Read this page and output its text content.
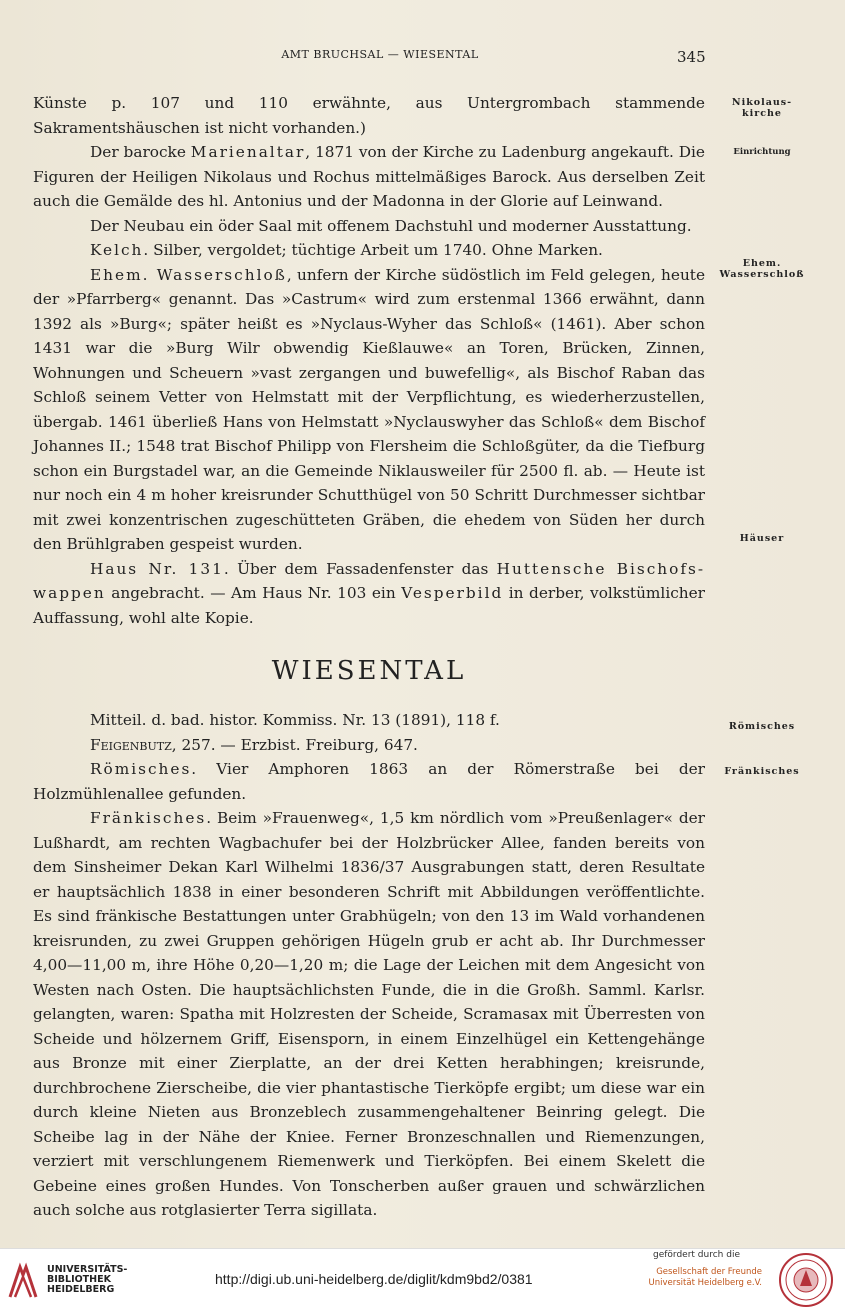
AMT BRUCHSAL — WIESENTAL	345
Nikolaus-
kirche
Einrichtung
Ehem.
Wasserschloß
Häuser
Römisches
Fränkisches

Künste p. 107 und 110 erwähnte, aus Untergrombach stammende Sakramentshäuschen ist nicht vorhanden.)

Der barocke Marienaltar, 1871 von der Kirche zu Ladenburg angekauft. Die Figuren der Heiligen Nikolaus und Rochus mittelmäßiges Barock. Aus derselben Zeit auch die Gemälde des hl. Antonius und der Madonna in der Glorie auf Leinwand.

Der Neubau ein öder Saal mit offenem Dachstuhl und moderner Ausstattung.

Kelch. Silber, vergoldet; tüchtige Arbeit um 1740. Ohne Marken.

Ehem. Wasserschloß, unfern der Kirche südöstlich im Feld gelegen, heute der »Pfarrberg« genannt. Das »Castrum« wird zum erstenmal 1366 erwähnt, dann 1392 als »Burg«; später heißt es »Nyclaus-Wyher das Schloß« (1461). Aber schon 1431 war die »Burg Wilr obwendig Kießlauwe« an Toren, Brücken, Zinnen, Wohnungen und Scheuern »vast zergangen und buwefellig«, als Bischof Raban das Schloß seinem Vetter von Helmstatt mit der Verpflichtung, es wiederherzustellen, übergab. 1461 überließ Hans von Helmstatt »Nyclauswyher das Schloß« dem Bischof Johannes II.; 1548 trat Bischof Philipp von Flersheim die Schloßgüter, da die Tiefburg schon ein Burgstadel war, an die Gemeinde Niklausweiler für 2500 fl. ab. — Heute ist nur noch ein 4 m hoher kreisrunder Schutthügel von 50 Schritt Durchmesser sichtbar mit zwei konzentrischen zugeschütteten Gräben, die ehedem von Süden her durch den Brühlgraben gespeist wurden.

Haus Nr. 131. Über dem Fassadenfenster das Huttensche Bischofs-wappen angebracht. — Am Haus Nr. 103 ein Vesperbild in derber, volkstümlicher Auffassung, wohl alte Kopie.

WIESENTAL

Mitteil. d. bad. histor. Kommiss. Nr. 13 (1891), 118 f.

Feigenbutz, 257. — Erzbist. Freiburg, 647.

Römisches. Vier Amphoren 1863 an der Römerstraße bei der Holzmühlenallee gefunden.

Fränkisches. Beim »Frauenweg«, 1,5 km nördlich vom »Preußenlager« der Lußhardt, am rechten Wagbachufer bei der Holzbrücker Allee, fanden bereits von dem Sinsheimer Dekan Karl Wilhelmi 1836/37 Ausgrabungen statt, deren Resultate er hauptsächlich 1838 in einer besonderen Schrift mit Abbildungen veröffentlichte. Es sind fränkische Bestattungen unter Grabhügeln; von den 13 im Wald vorhandenen kreisrunden, zu zwei Gruppen gehörigen Hügeln grub er acht ab. Ihr Durchmesser 4,00—11,00 m, ihre Höhe 0,20—1,20 m; die Lage der Leichen mit dem Angesicht von Westen nach Osten. Die hauptsächlichsten Funde, die in die Großh. Samml. Karlsr. gelangten, waren: Spatha mit Holzresten der Scheide, Scramasax mit Überresten von Scheide und hölzernem Griff, Eisensporn, in einem Einzelhügel ein Kettengehänge aus Bronze mit einer Zierplatte, an der drei Ketten herabhingen; kreisrunde, durchbrochene Zierscheibe, die vier phantastische Tierköpfe ergibt; um diese war ein durch kleine Nieten aus Bronzeblech zusammengehaltener Beinring gelegt. Die Scheibe lag in der Nähe der Kniee. Ferner Bronzeschnallen und Riemenzungen, verziert mit verschlungenem Riemenwerk und Tierköpfen. Bei einem Skelett die Gebeine eines großen Hundes. Von Tonscherben außer grauen und schwärzlichen auch solche aus rotglasierter Terra sigillata.

UNIVERSITÄTS-
BIBLIOTHEK
HEIDELBERG
http://digi.ub.uni-heidelberg.de/diglit/kdm9bd2/0381
gefördert durch die
Gesellschaft der Freunde
Universität Heidelberg e.V.
